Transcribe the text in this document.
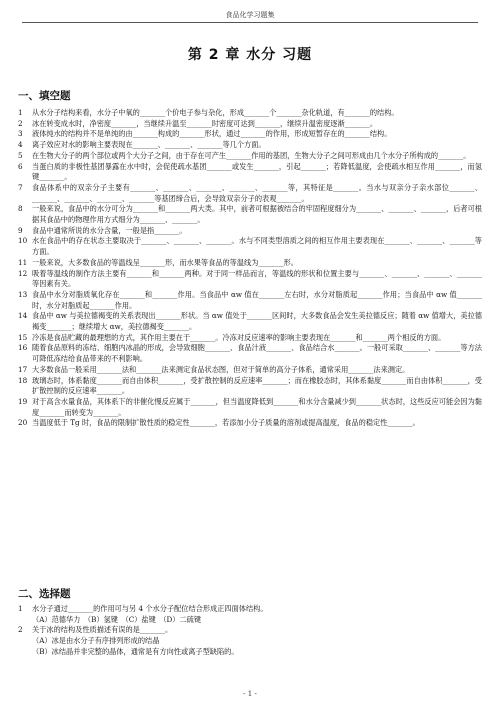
食品化学习题集
第 2 章 水分 习题
一、填空题
1	从水分子结构来看，水分子中氧的_______个价电子参与杂化，形成_______个_______杂化轨道，有_______的结构。
2	冰在转变成水时，净密度_______，当继续升温至_______时密度可达到_______，继续升温密度逐渐_______。
3	液体纯水的结构并不是单纯的由_______构成的_______形状，通过_______的作用，形成短暂存在的_______结构。
4	离子效应对水的影响主要表现在_______、_______、_______等几个方面。
5	在生物大分子的两个部位或两个大分子之间，由于存在可产生_______作用的基团，生物大分子之间可形成由几个水分子所构成的_______。
6	当蛋白质的非极性基团暴露在水中时，会促使疏水基团_______或发生_______，引起_______；若降低温度，会使疏水相互作用_______，而氢键_______。
7	食品体系中的双亲分子主要有_______、_______、_______、_______、_______等，其特征是_______。当水与双亲分子亲水部位_______、_______、_______、_______、_______等基团缔合后，会导致双亲分子的表观_______。
8	一般来说，食品中的水分可分为_______和_______两大类。其中，前者可根据被结合的牢固程度细分为_______、_______、_______，后者可根据其食品中的物理作用方式细分为_______、_______。
9	食品中通常所说的水分含量，一般是指_______。
10 水在食品中的存在状态主要取决于_______、_______、_______。水与不同类型溶质之间的相互作用主要表现在_______、_______、_______等方面。
11 一般来说，大多数食品的等温线呈_______形，而水果等食品的等温线为_______形。
12 吸着等温线的制作方法主要有_______和_______两种。对于同一样品而言，等温线的形状和位置主要与_______、_______、_______、_______等因素有关。
13 食品中水分对脂质氧化存在_______和_______作用。当食品中 αw 值在_______左右时，水分对脂质起_______作用；当食品中 αw 值_______时，水分对脂质起_______作用。
14 食品中 αw 与美拉德褐变的关系表现出_______形状。当 αw 值处于_______区间时，大多数食品会发生美拉德反应；随着 αw 值增大，美拉德褐变_______；继续增大 αw，美拉德褐变_______。
15 冷冻是食品贮藏的最理想的方式，其作用主要在于_______。冷冻对反应速率的影响主要表现在_______和_______两个相反的方面。
16 随着食品原料的冻结、细胞内冰晶的形成，会导致细胞_______、食品汁液_______、食品结合水_______。一般可采取_______、_______等方法可降低冻结给食品带来的不利影响。
17 大多数食品一般采用_______法和_______法来测定食品状态图，但对于简单的高分子体系，通常采用_______法来测定。
18 玻璃态时，体系黏度_______而自由体积_______，受扩散控制的反应速率_______；而在橡胶态时，其体系黏度_______而自由体积_______，受扩散控制的反应速率_______。
19 对于高含水量食品，其体系下的非催化慢反应属于_______，但当温度降低到_______和水分含量减少到_______状态时，这些反应可能会因为黏度_______而转变为_______。
20 当温度低于 Tg 时，食品的限制扩散性质的稳定性_______，若添加小分子质量的溶剂或提高温度，食品的稳定性_______。
二、选择题
1	水分子通过_______的作用可与另 4 个水分子配位结合形成正四面体结构。
（A）范德华力　（B）氢键　（C）盐键　（D）二硫键
2	关于冰的结构及性质描述有误的是_______。
（A）冰是由水分子有序排列形成的结晶
（B）冰结晶并非完整的晶体，通常是有方向性或离子型缺陷的。
- 1 -
